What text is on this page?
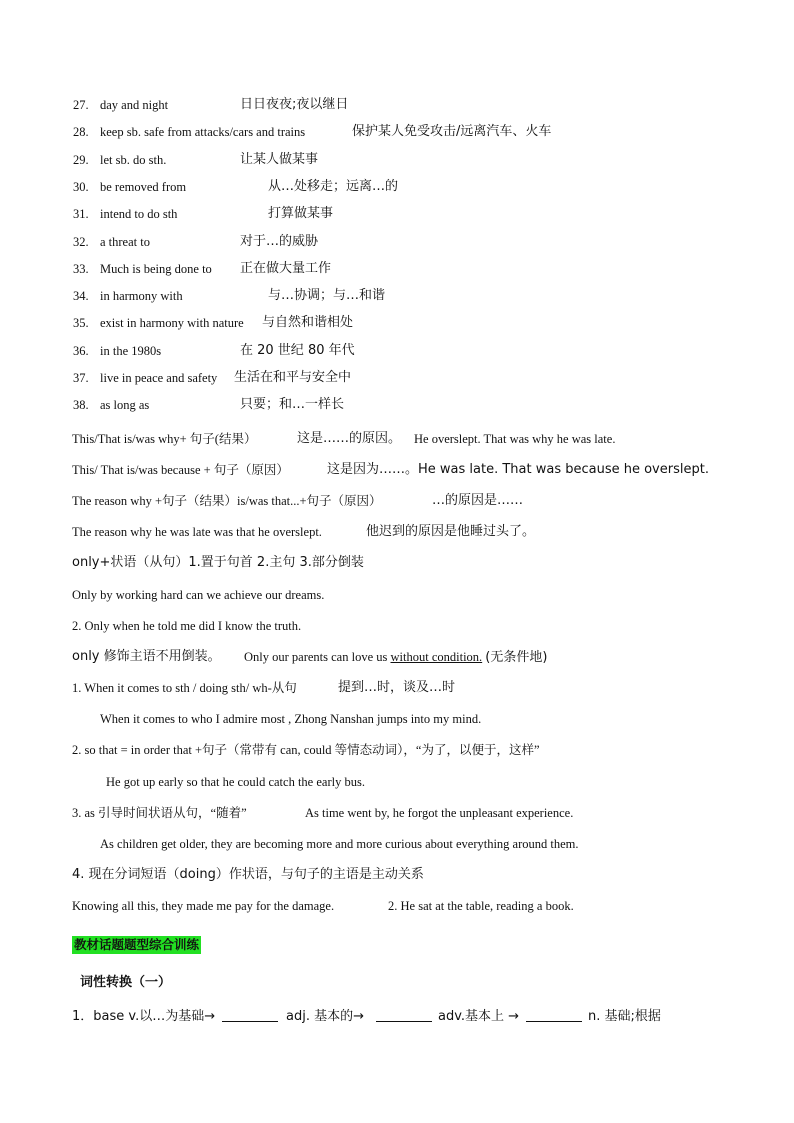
27. day and night	日日夜夜;夜以继日
28. keep sb. safe from attacks/cars and trains	保护某人免受攻击/远离汽车、火车
29. let sb. do sth.	让某人做某事
30. be removed from	从…处移走；远离…的
31. intend to do sth	打算做某事
32. a threat to	对于…的威胁
33. Much is being done to 正在做大量工作
34. in harmony with	与…协调；与…和谐
35. exist in harmony with nature 与自然和谐相处
36. in the 1980s	在 20 世纪 80 年代
37. live in peace and safety 生活在和平与安全中
38. as long as	只要；和…一样长
This/That is/was why+ 句子(结果）	这是……的原因。 He overslept. That was why he was late.
This/ That is/was because + 句子（原因）	这是因为……。He was late. That was because he overslept.
The reason why +句子（结果）is/was that...+句子（原因）	…的原因是……
The reason why he was late was that he overslept.	他迟到的原因是他睡过头了。
only+状语（从句）1.置于句首 2.主句 3.部分倒装
Only by working hard can we achieve our dreams.
2. Only when he told me did I know the truth.
only 修饰主语不用倒装。 Only our parents can love us without condition. (无条件地)
1. When it comes to sth / doing sth/ wh-从句	提到…时，谈及…时
When it comes to who I admire most , Zhong Nanshan jumps into my mind.
2. so that = in order that +句子（常带有 can, could 等情态动词），“为了，以便于，这样”
He got up early so that he could catch the early bus.
3. as 引导时间状语从句，“随着”	As time went by, he forgot the unpleasant experience.
As children get older, they are becoming more and more curious about everything around them.
4. 现在分词短语（doing）作状语，与句子的主语是主动关系
Knowing all this, they made me pay for the damage.	2. He sat at the table, reading a book.
教材话题题型综合训练
词性转换（一）
1．base v.以…为基础→	adj. 基本的→	adv.基本上 →	n. 基础;根据
